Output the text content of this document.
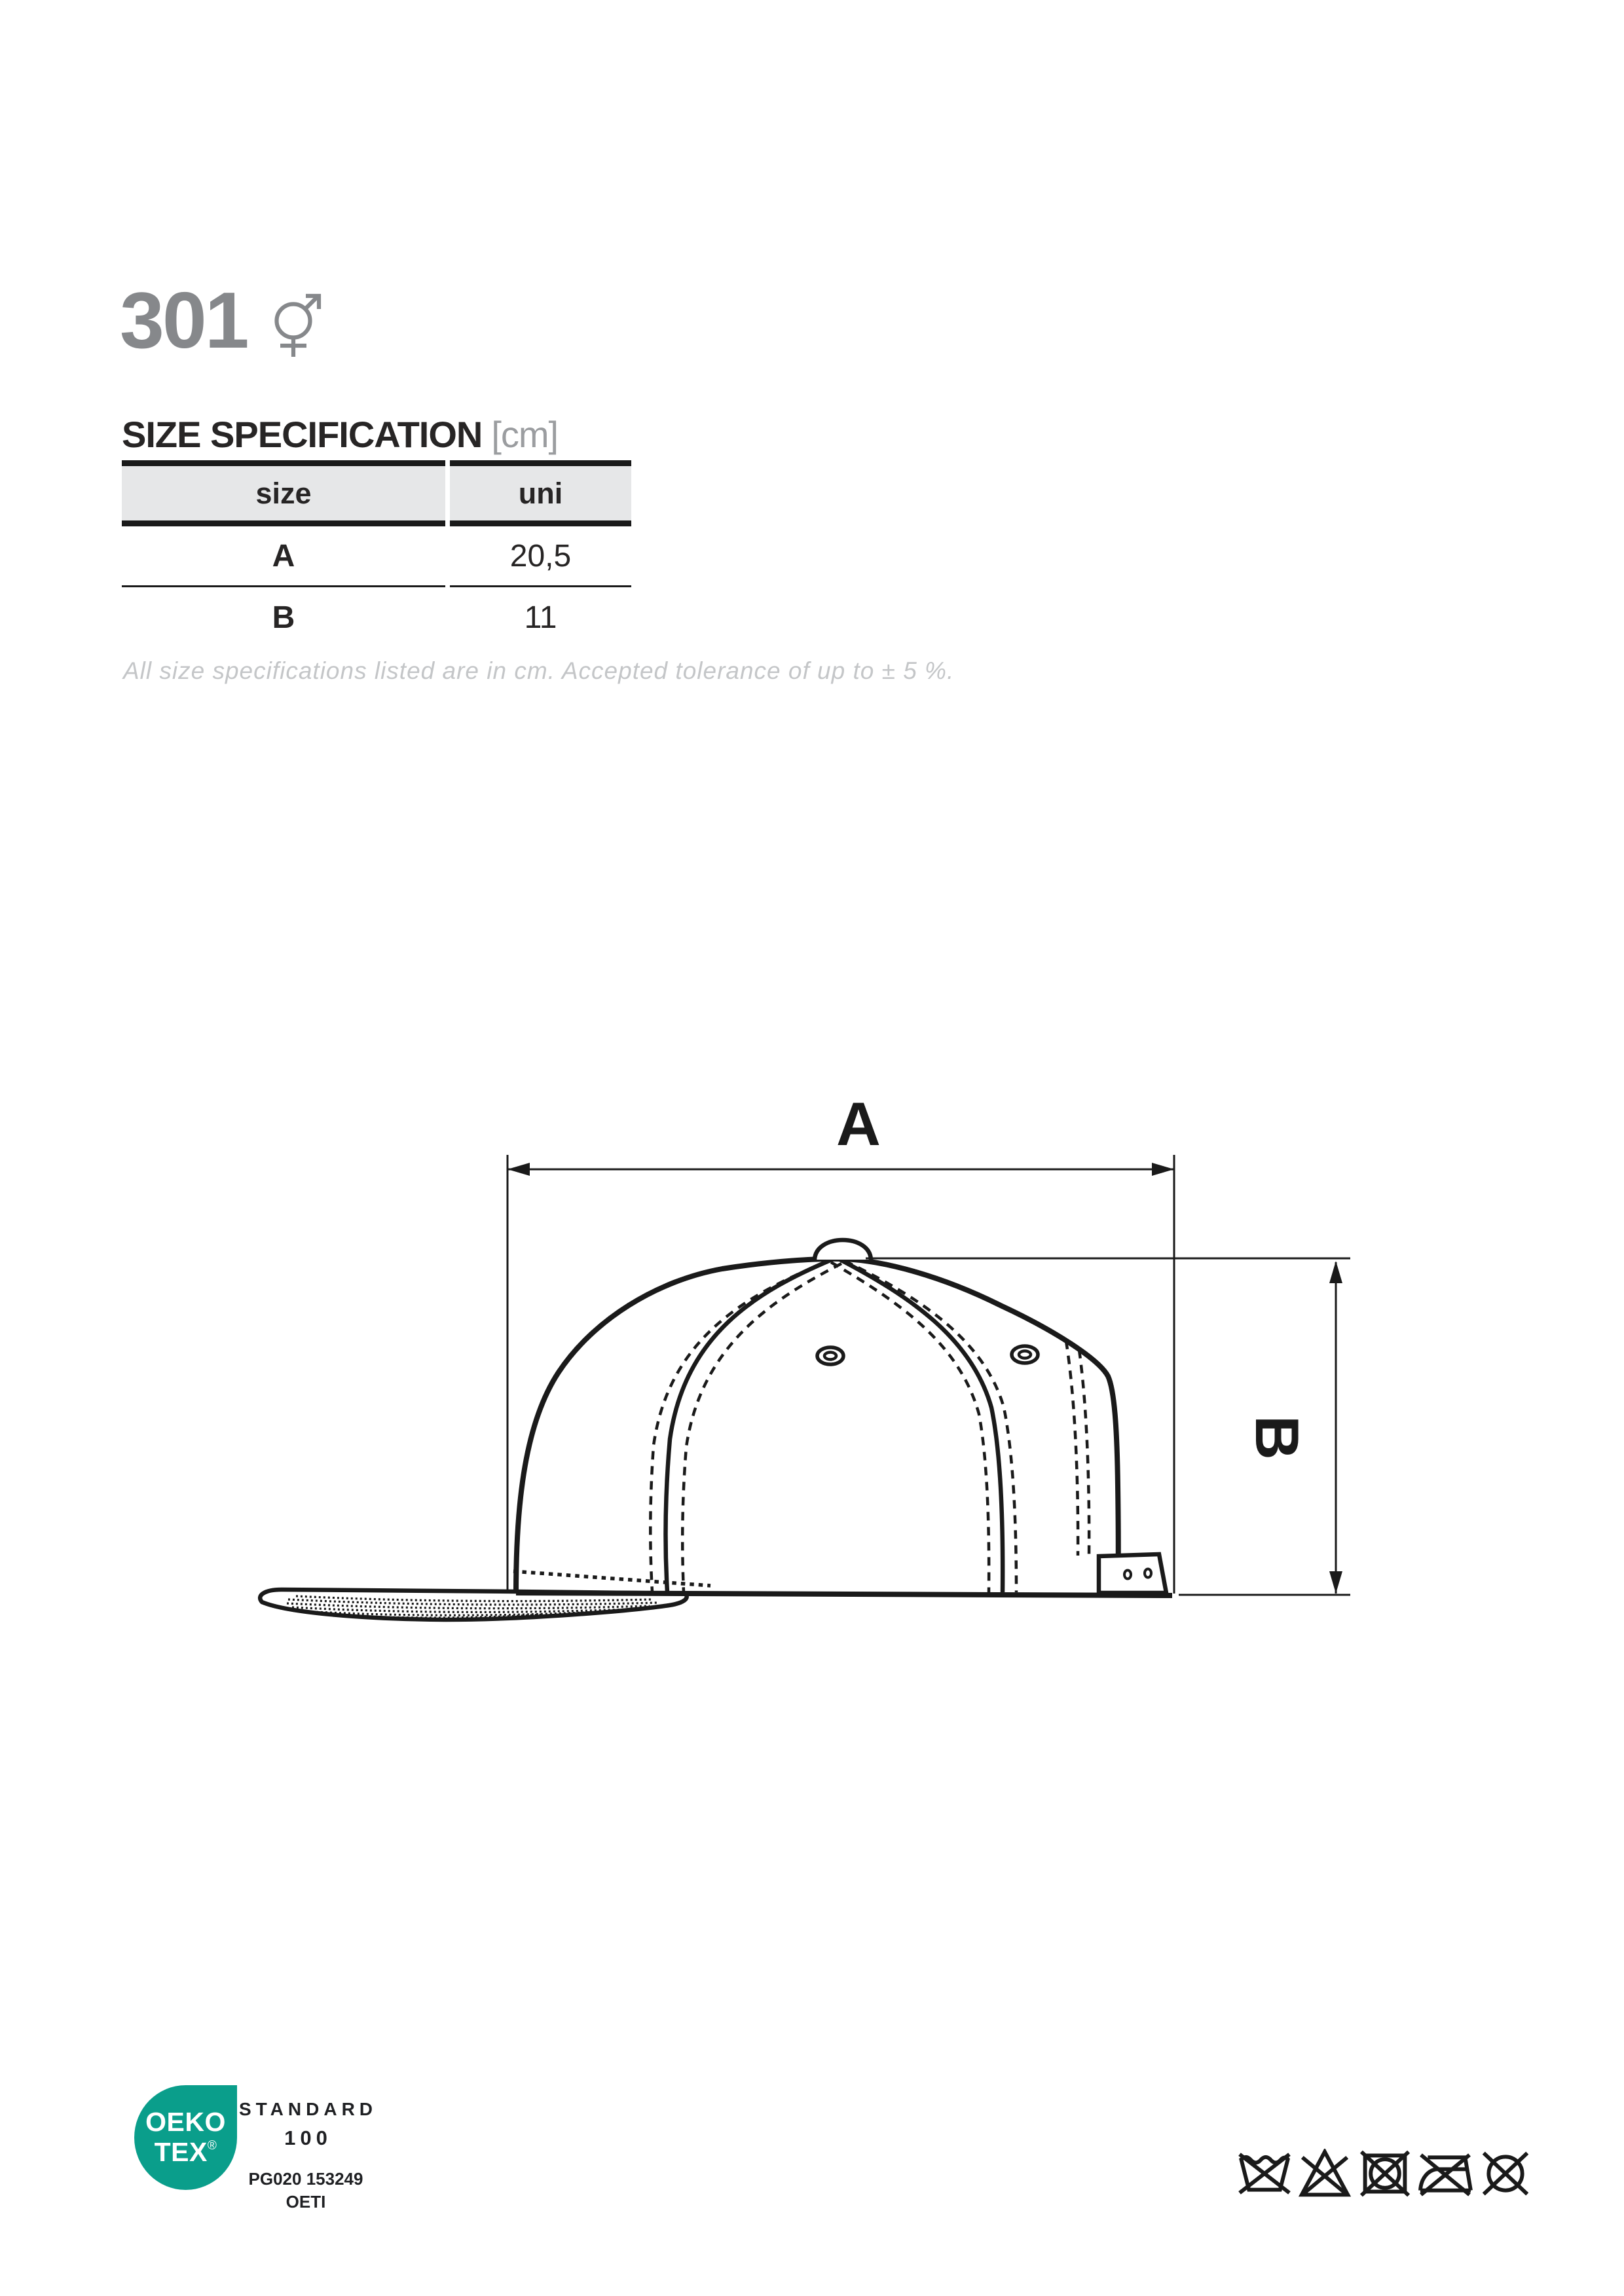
301
SIZE SPECIFICATION [cm]
size	uni
A	20,5
B	11
All size specifications listed are in cm. Accepted tolerance of up to ± 5 %.
A
B
OEKO
TEX®
STANDARD
100
PG020 153249
OETI
